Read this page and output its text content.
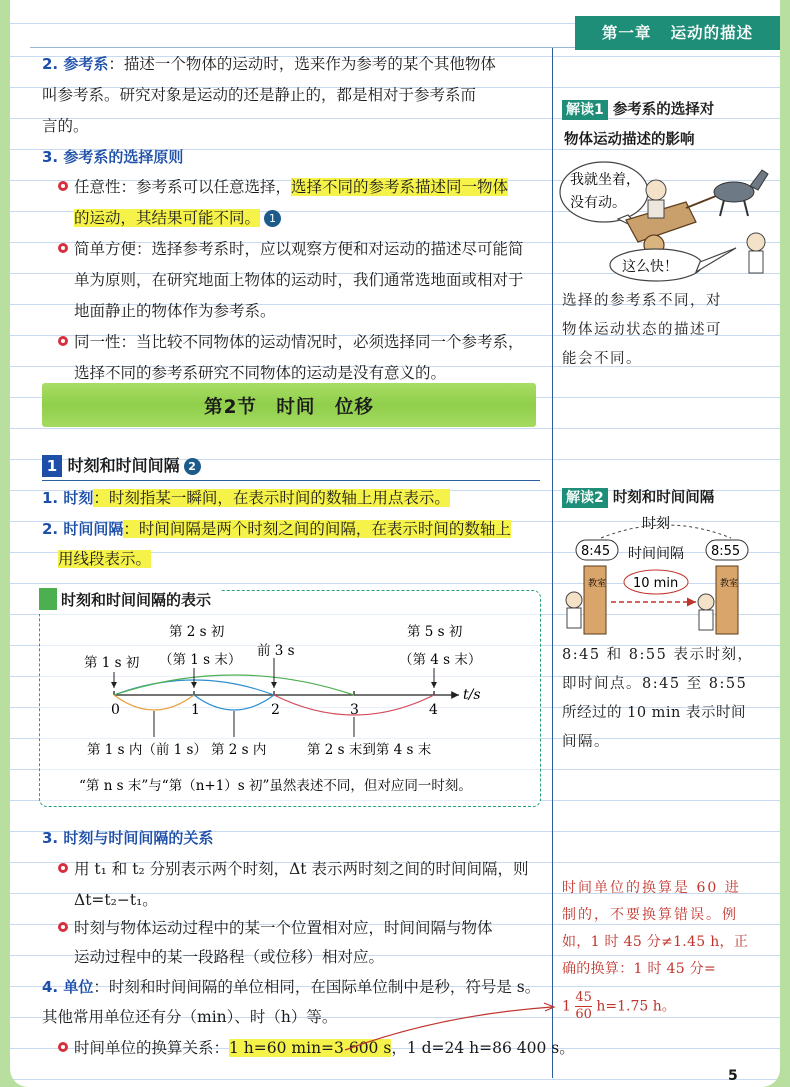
第一章 运动的描述
2. 参考系：描述一个物体的运动时，选来作为参考的某个其他物体
叫参考系。研究对象是运动的还是静止的，都是相对于参考系而
言的。
3. 参考系的选择原则
任意性：参考系可以任意选择，选择不同的参考系描述同一物体
的运动，其结果可能不同。 1
简单方便：选择参考系时，应以观察方便和对运动的描述尽可能简
单为原则，在研究地面上物体的运动时，我们通常选地面或相对于
地面静止的物体作为参考系。
同一性：当比较不同物体的运动情况时，必须选择同一个参考系，
选择不同的参考系研究不同物体的运动是没有意义的。
第2节　时间　位移
1 时刻和时间间隔 2
1. 时刻：时刻指某一瞬间，在表示时间的数轴上用点表示。
2. 时间间隔：时间间隔是两个时刻之间的间隔，在表示时间的数轴上
用线段表示。
时刻和时间间隔的表示
0	1	2	3	4
t/s
第 1 s 初
第 2 s 初
（第 1 s 末）
前 3 s
第 5 s 初
（第 4 s 末）
第 1 s 内（前 1 s） 第 2 s 内	第 2 s 末到第 4 s 末
“第 n s 末”与“第（n+1）s 初”虽然表述不同，但对应同一时刻。
3. 时刻与时间间隔的关系
用 t₁ 和 t₂ 分别表示两个时刻，Δt 表示两时刻之间的时间间隔，则
Δt=t₂−t₁。
时刻与物体运动过程中的某一个位置相对应，时间间隔与物体
运动过程中的某一段路程（或位移）相对应。
4. 单位：时刻和时间间隔的单位相同，在国际单位制中是秒，符号是 s。
其他常用单位还有分（min）、时（h）等。
时间单位的换算关系：1 h=60 min=3 600 s，1 d=24 h=86 400 s。
解读1 参考系的选择对
物体运动描述的影响
我就坐着，
没有动。
这么快！
选择的参考系不同，对
物体运动状态的描述可
能会不同。
解读2 时刻和时间间隔
时刻
8:45	8:55
时间间隔
10 min
教室	教室
8:45 和 8:55 表示时刻，
即时间点。8:45 至 8:55
所经过的 10 min 表示时间
间隔。
时间单位的换算是 60 进
制的，不要换算错误。例
如，1 时 45 分≠1.45 h，正
确的换算：1 时 45 分=
$1 \frac{45}{60} h=1.75$ h。
5
